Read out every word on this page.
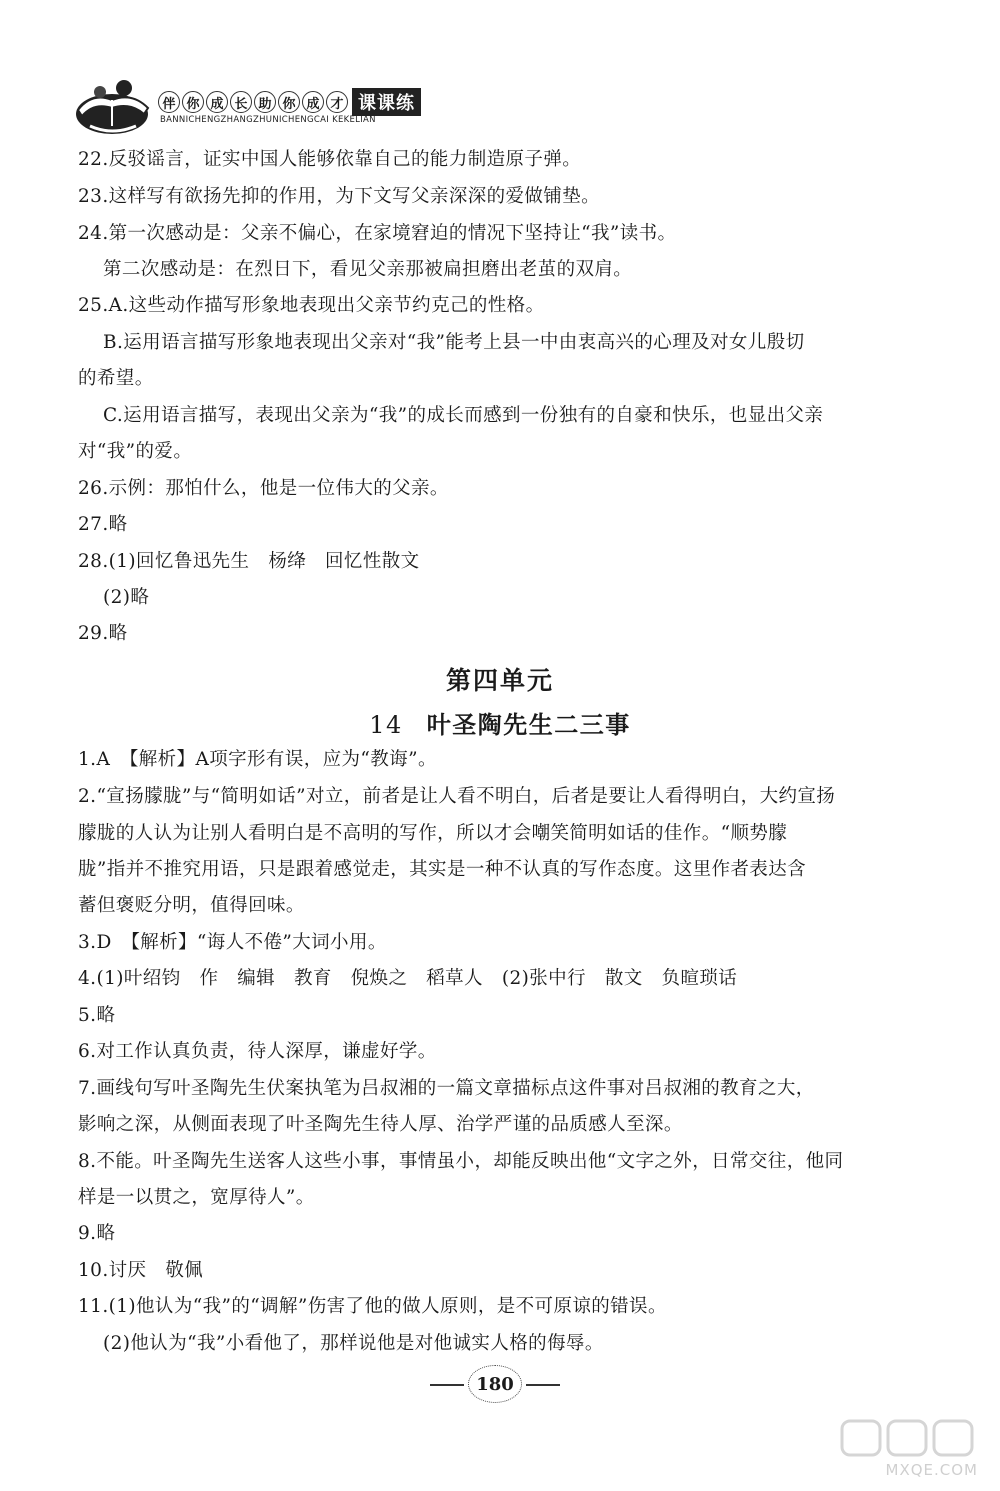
伴 你 成 长 助 你 成 才 课课练
BANNICHENGZHANGZHUNICHENGCAI KEKELIAN

22.反驳谣言，证实中国人能够依靠自己的能力制造原子弹。

23.这样写有欲扬先抑的作用，为下文写父亲深深的爱做铺垫。

24.第一次感动是：父亲不偏心，在家境窘迫的情况下坚持让“我”读书。

第二次感动是：在烈日下，看见父亲那被扁担磨出老茧的双肩。

25.A.这些动作描写形象地表现出父亲节约克己的性格。

B.运用语言描写形象地表现出父亲对“我”能考上县一中由衷高兴的心理及对女儿殷切

的希望。

C.运用语言描写，表现出父亲为“我”的成长而感到一份独有的自豪和快乐，也显出父亲

对“我”的爱。

26.示例：那怕什么，他是一位伟大的父亲。

27.略

28.(1)回忆鲁迅先生　杨绛　回忆性散文

(2)略

29.略

第四单元
14 叶圣陶先生二三事

1.A　【解析】A项字形有误，应为“教诲”。

2.“宣扬朦胧”与“简明如话”对立，前者是让人看不明白，后者是要让人看得明白，大约宣扬

朦胧的人认为让别人看明白是不高明的写作，所以才会嘲笑简明如话的佳作。“顺势朦

胧”指并不推究用语，只是跟着感觉走，其实是一种不认真的写作态度。这里作者表达含

蓄但褒贬分明，值得回味。

3.D　【解析】“诲人不倦”大词小用。

4.(1)叶绍钧　作　编辑　教育　倪焕之　稻草人　(2)张中行　散文　负暄琐话

5.略

6.对工作认真负责，待人深厚，谦虚好学。

7.画线句写叶圣陶先生伏案执笔为吕叔湘的一篇文章描标点这件事对吕叔湘的教育之大，

影响之深，从侧面表现了叶圣陶先生待人厚、治学严谨的品质感人至深。

8.不能。叶圣陶先生送客人这些小事，事情虽小，却能反映出他“文字之外，日常交往，他同

样是一以贯之，宽厚待人”。

9.略

10.讨厌　敬佩

11.(1)他认为“我”的“调解”伤害了他的做人原则，是不可原谅的错误。

(2)他认为“我”小看他了，那样说他是对他诚实人格的侮辱。

180
MXQE.COM
